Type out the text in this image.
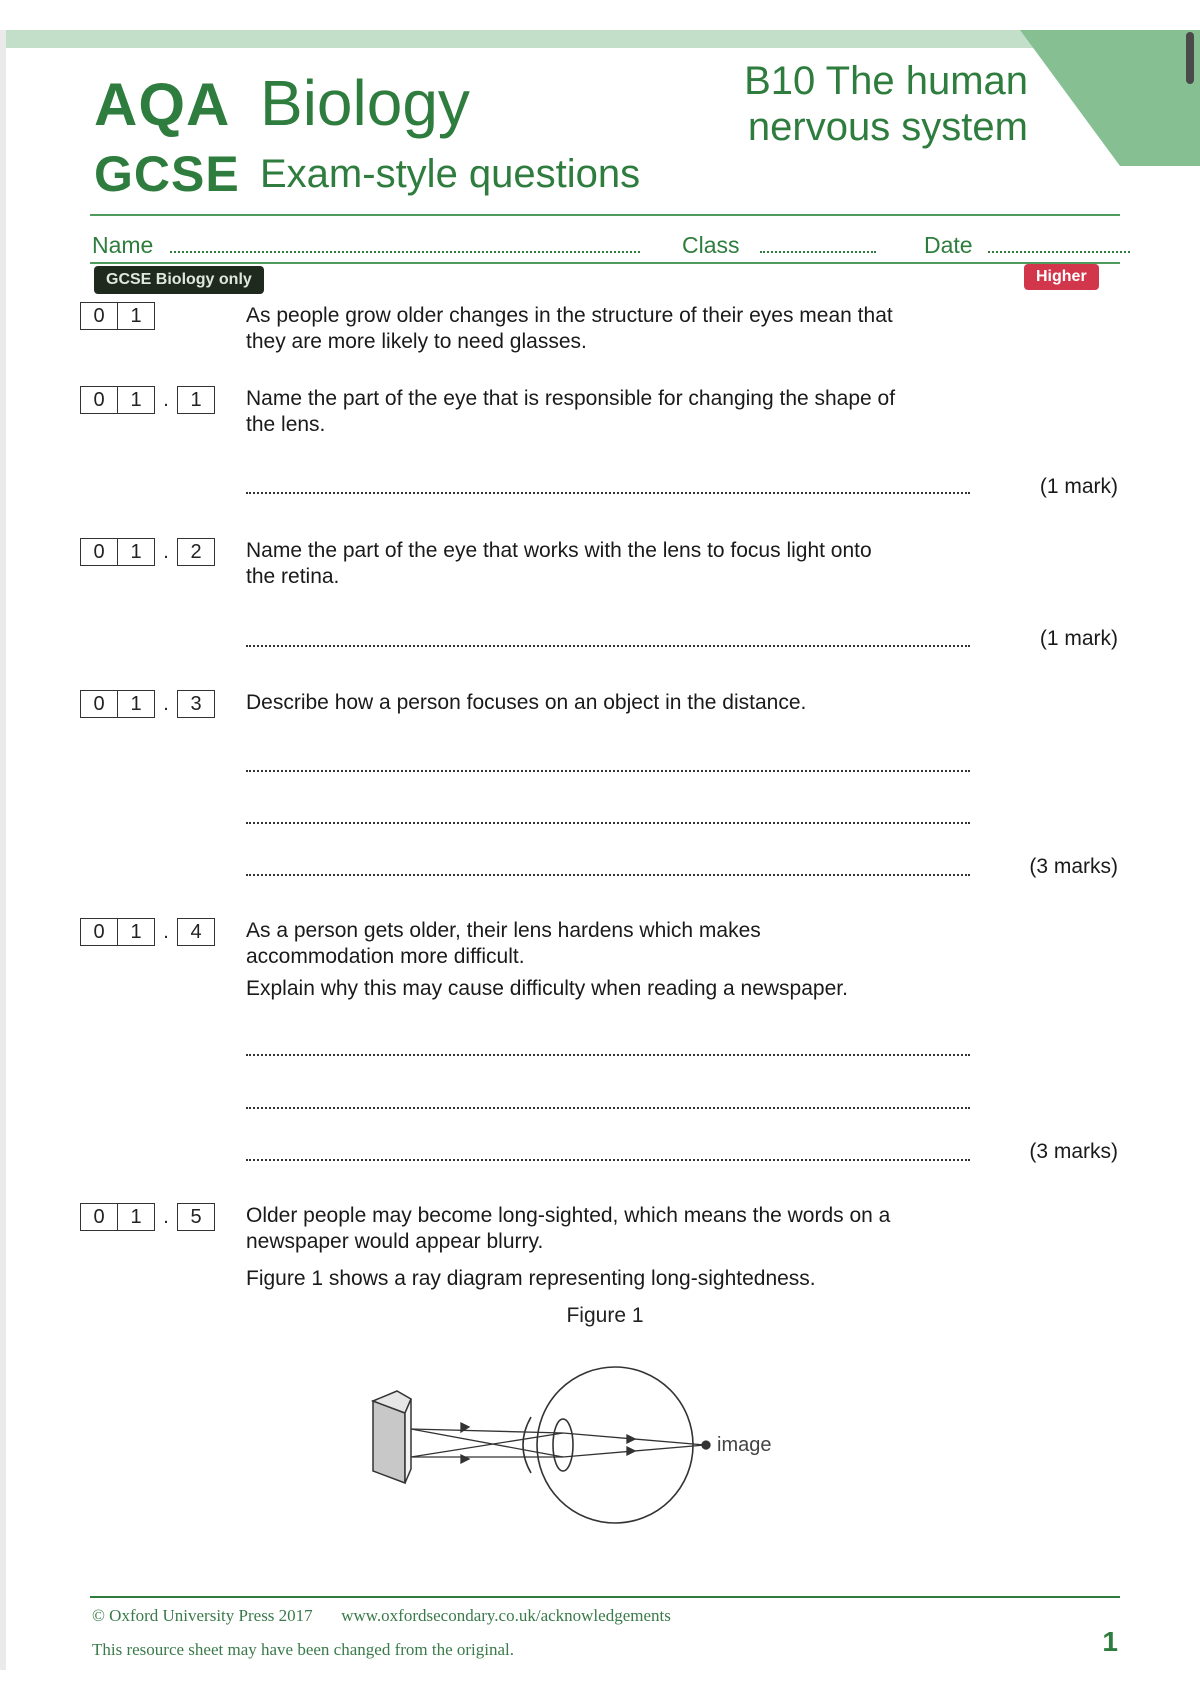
AQA Biology
GCSE Exam-style questions
B10 The human
nervous system
Name	Class	Date
GCSE Biology only	Higher
0	1	As people grow older changes in the structure of their eyes mean that they are more likely to need glasses.
0	1	.	1	Name the part of the eye that is responsible for changing the shape of the lens.
(1 mark)
0	1	.	2	Name the part of the eye that works with the lens to focus light onto the retina.
(1 mark)
0	1	.	3	Describe how a person focuses on an object in the distance.
(3 marks)
0	1	.	4	As a person gets older, their lens hardens which makes accommodation more difficult.
Explain why this may cause difficulty when reading a newspaper.
(3 marks)
0	1	.	5	Older people may become long-sighted, which means the words on a newspaper would appear blurry.
Figure 1 shows a ray diagram representing long-sightedness.
Figure 1
image
© Oxford University Press 2017 www.oxfordsecondary.co.uk/acknowledgements
This resource sheet may have been changed from the original.	1
